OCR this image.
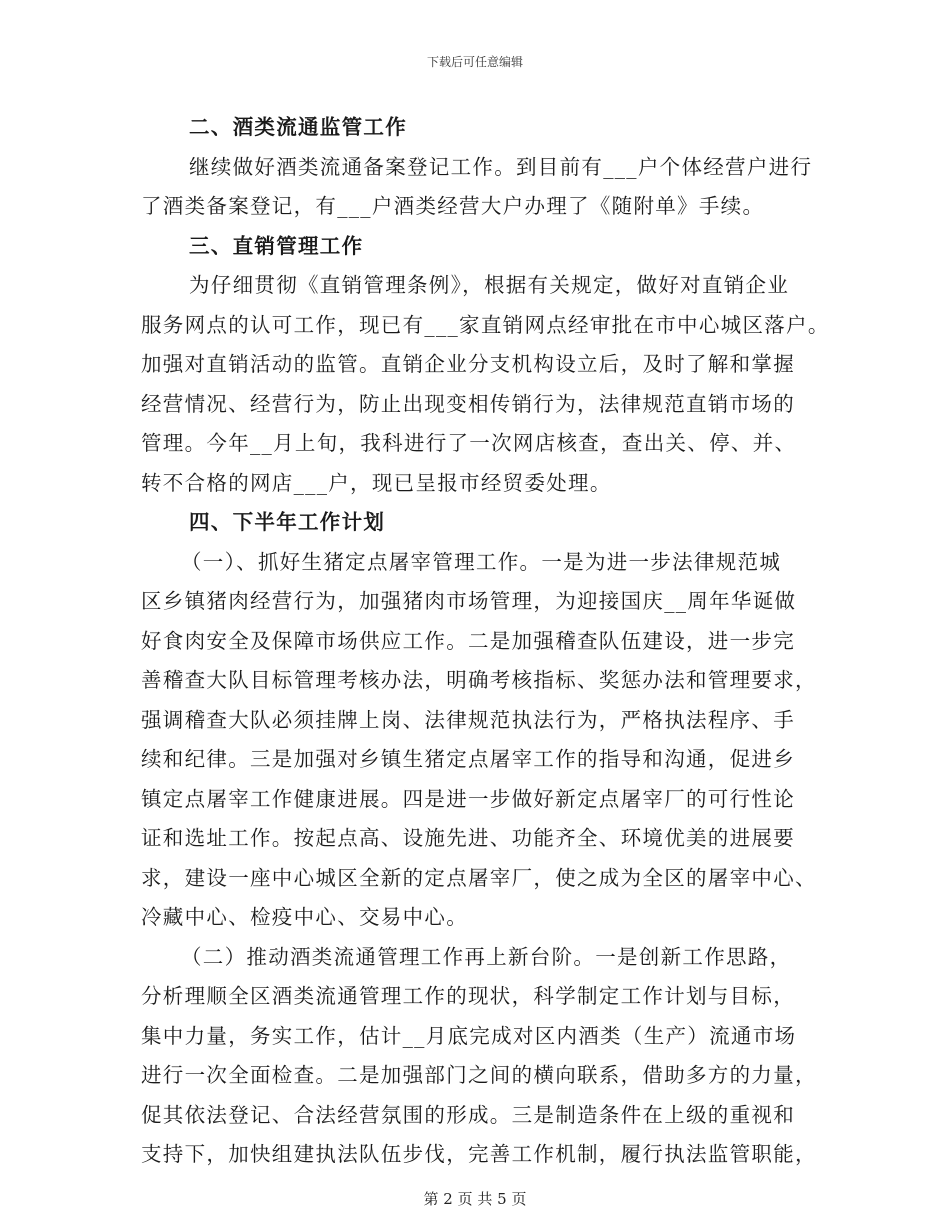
下载后可任意编辑
二、酒类流通监管工作
继续做好酒类流通备案登记工作。到目前有___户个体经营户进行
了酒类备案登记，有___户酒类经营大户办理了《随附单》手续。
三、直销管理工作
为仔细贯彻《直销管理条例》，根据有关规定，做好对直销企业
服务网点的认可工作，现已有___家直销网点经审批在市中心城区落户。
加强对直销活动的监管。直销企业分支机构设立后，及时了解和掌握
经营情况、经营行为，防止出现变相传销行为，法律规范直销市场的
管理。今年__月上旬，我科进行了一次网店核查，查出关、停、并、
转不合格的网店___户，现已呈报市经贸委处理。
四、下半年工作计划
（一）、抓好生猪定点屠宰管理工作。一是为进一步法律规范城
区乡镇猪肉经营行为，加强猪肉市场管理，为迎接国庆__周年华诞做
好食肉安全及保障市场供应工作。二是加强稽查队伍建设，进一步完
善稽查大队目标管理考核办法，明确考核指标、奖惩办法和管理要求，
强调稽查大队必须挂牌上岗、法律规范执法行为，严格执法程序、手
续和纪律。三是加强对乡镇生猪定点屠宰工作的指导和沟通，促进乡
镇定点屠宰工作健康进展。四是进一步做好新定点屠宰厂的可行性论
证和选址工作。按起点高、设施先进、功能齐全、环境优美的进展要
求，建设一座中心城区全新的定点屠宰厂，使之成为全区的屠宰中心、
冷藏中心、检疫中心、交易中心。
（二）推动酒类流通管理工作再上新台阶。一是创新工作思路，
分析理顺全区酒类流通管理工作的现状，科学制定工作计划与目标，
集中力量，务实工作，估计__月底完成对区内酒类（生产）流通市场
进行一次全面检查。二是加强部门之间的横向联系，借助多方的力量，
促其依法登记、合法经营氛围的形成。三是制造条件在上级的重视和
支持下，加快组建执法队伍步伐，完善工作机制，履行执法监管职能，
第 2 页 共 5 页
